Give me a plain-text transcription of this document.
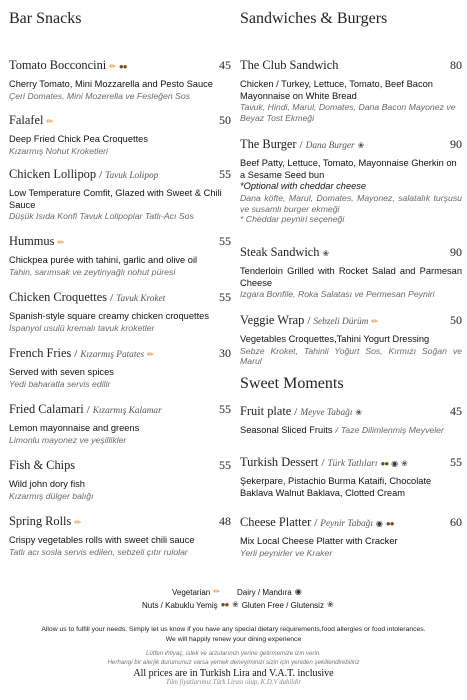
Bar Snacks
Tomato Bocconcini ✏ ●●	45
Cherry Tomato, Mini Mozzarella and Pesto Sauce
Çeri Domates, Mini Mozerella ve Fesleğen Sos
Falafel ✏	50
Deep Fried Chick Pea Croquettes
Kızarmış Nohut Kroketleri
Chicken Lollipop / Tavuk Lolipop	55
Low Temperature Comfit, Glazed with Sweet & Chili Sauce
Düşük Isıda Konfi Tavuk Lolipoplar Tatlı-Acı Sos
Hummus ✏	55
Chickpea purée with tahini, garlic and olive oil
Tahin, sarımsak ve zeytinyağlı nohut püresi
Chicken Croquettes / Tavuk Kroket	55
Spanish-style square creamy chicken croquettes
İspanyol usulü kremalı tavuk kroketler
French Fries / Kızarmış Patates ✏	30
Served with seven spices
Yedi baharatla servis edilir
Fried Calamari / Kızarmış Kalamar	55
Lemon mayonnaise and greens
Limonlu mayonez ve yeşillikler
Fish & Chips	55
Wild john dory fish
Kızarmış dülger balığı
Spring Rolls ✏	48
Crispy vegetables rolls with sweet chili sauce
Tatlı acı sosla servis edilen, sebzeli çıtır rulolar
Sandwiches & Burgers
The Club Sandwich	80
Chicken / Turkey, Lettuce, Tomato, Beef Bacon Mayonnaise on White Bread
Tavuk, Hindi, Marul, Domates, Dana Bacon Mayonez ve Beyaz Tost Ekmeği
The Burger / Dana Burger ❀	90
Beef Patty, Lettuce, Tomato, Mayonnaise Gherkin on a Sesame Seed bun
*Optional with cheddar cheese
Dana köfte, Marul, Domates, Mayonez, salatalık turşusu ve susamlı burger ekmeği
* Cheddar peyniri seçeneği
Steak Sandwich ❀	90
Tenderloin Grilled with Rocket Salad and Parmesan Cheese
Izgara Bonfile, Roka Salatası ve Permesan Peyniri
Veggie Wrap / Sebzeli Dürüm ✏	50
Vegetables Croquettes,Tahini Yogurt Dressing
Sebze Kroket, Tahinli Yoğurt Sos, Kırmızı Soğan ve Marul
Sweet Moments
Fruit plate / Meyve Tabağı ❀	45
Seasonal Sliced Fruits / Taze Dilimlenmiş Meyveler
Turkish Dessert / Türk Tatlıları ●● ◉ ❀	55
Şekerpare, Pistachio Burma Kataifi, Chocolate Baklava Walnut Baklava, Clotted Cream
Cheese Platter / Peynir Tabağı ◉ ●●	60
Mix Local Cheese Platter with Cracker
Yerli peynirler ve Kraker
Vegetarian ✏ Dairy / Mandıra ◉
Nuts / Kabuklu Yemiş ●● ❀ Gluten Free / Glutensiz ❀
Allow us to fulfill your needs. Simply let us know if you have any special dietary requirements,food allergies or food intolerances.
We will happily renew your dining experience
Lütfen ihtiyaç, istek ve arzularınızı yerine getirmemize izin verin.
Herhangi bir alerjik durumunuz varsa yemek deneyiminizi sizin için yeniden şekillendirebiliriz
All prices are in Turkish Lira and V.A.T. inclusive
Tüm fiyatlarımız Türk Lirası olup, K.D.V dahildir
